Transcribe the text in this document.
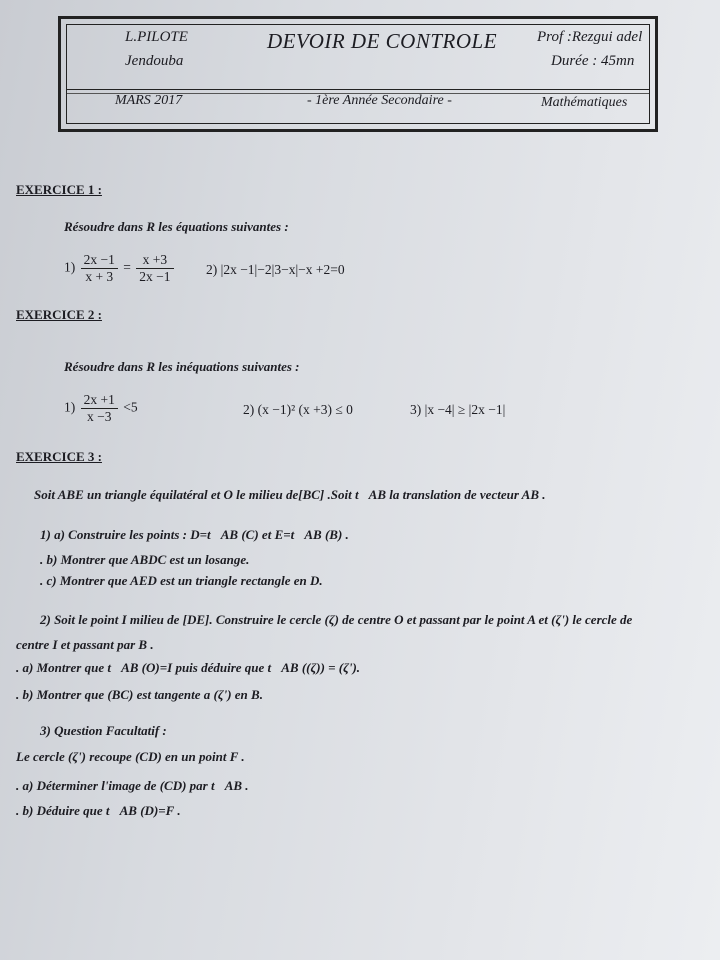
L.PILOTE
Jendouba
DEVOIR DE CONTROLE	Prof :Rezgui adel
Durée : 45mn
MARS 2017	- 1ère Année Secondaire -	Mathématiques
EXERCICE 1 :
Résoudre dans R les équations suivantes :
$1) \frac{2x -1}{x + 3} = \frac{x +3}{2x -1} 2$) |2x −1|−2|3−x|−x +2=0
EXERCICE 2 :
Résoudre dans R les inéquations suivantes :
$1) \frac{2x +1}{x -3} <5$	2) (x −1)² (x +3) ≤ 0	3) |x −4| ≥ |2x −1|
EXERCICE 3 :
Soit ABE un triangle équilatéral et O le milieu de[BC] .Soit t⃗AB la translation de vecteur AB .
1) a) Construire les points : D=t⃗AB (C) et E=t⃗AB (B) .
. b) Montrer que ABDC est un losange.
. c) Montrer que AED est un triangle rectangle en D.
2) Soit le point I milieu de [DE]. Construire le cercle (ζ) de centre O et passant par le point A et (ζ') le cercle de
centre I et passant par B .
. a) Montrer que t⃗AB (O)=I puis déduire que t⃗AB ((ζ)) = (ζ').
. b) Montrer que (BC) est tangente a (ζ') en B.
3) Question Facultatif :
Le cercle (ζ') recoupe (CD) en un point F .
. a) Déterminer l'image de (CD) par t⃗AB .
. b) Déduire que t⃗AB (D)=F .
